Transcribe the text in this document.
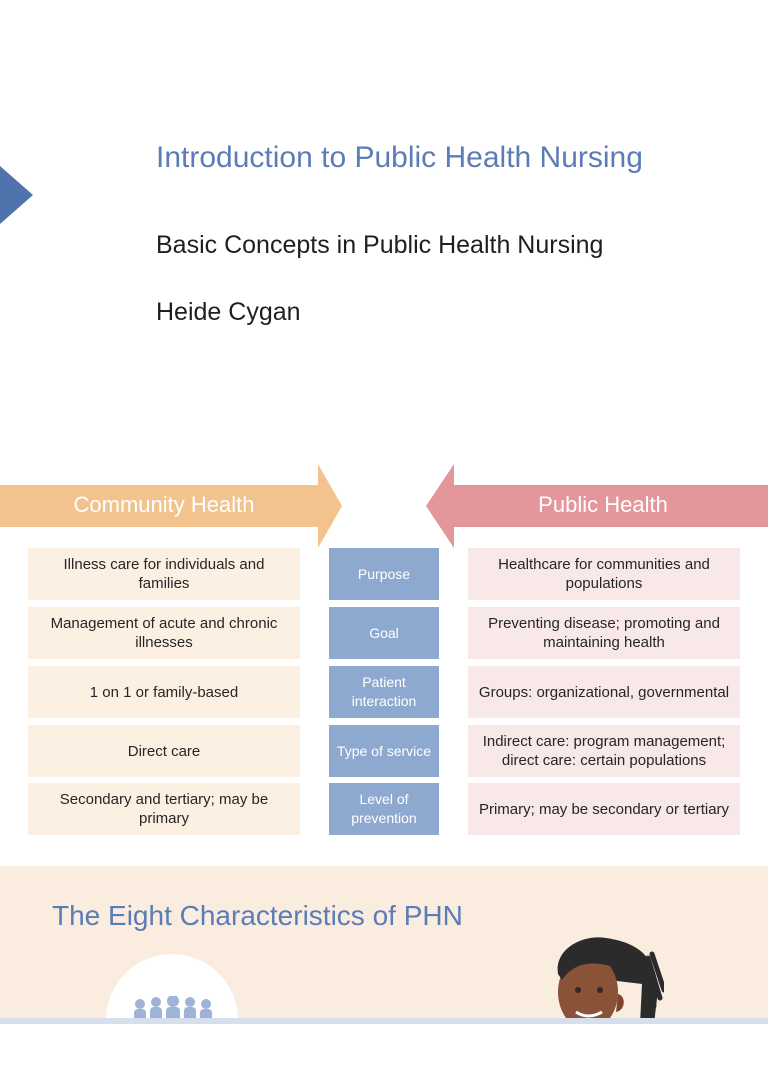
Introduction to Public Health Nursing
Basic Concepts in Public Health Nursing
Heide Cygan
Community Health	Public Health
Illness care for individuals and families
Purpose
Healthcare for communities and populations
Management of acute and chronic illnesses
Goal
Preventing disease; promoting and maintaining health
1 on 1 or family-based
Patient interaction
Groups: organizational, governmental
Direct care	Type of service
Indirect care: program management; direct care: certain populations
Secondary and tertiary; may be primary
Level of prevention
Primary; may be secondary or tertiary
The Eight Characteristics of PHN
